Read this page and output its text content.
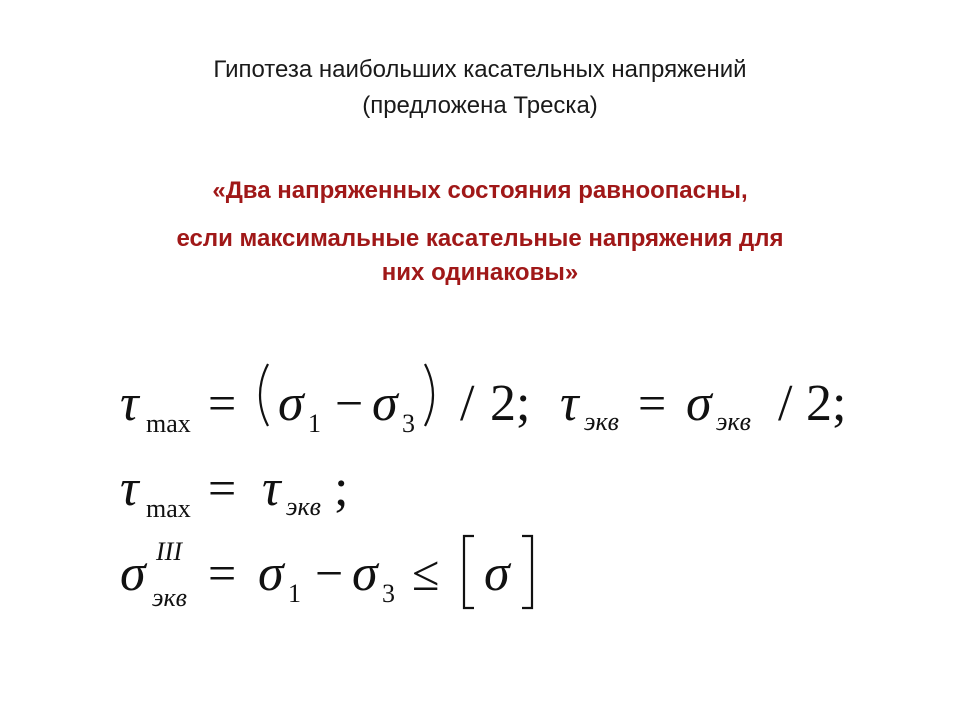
Гипотеза наибольших касательных напряжений
(предложена Треска)
«Два напряженных состояния равноопасны,
если максимальные касательные напряжения для
них одинаковы»
τ max = σ 1 − σ 3 / 2; τ экв = σ экв / 2;
τ max = τ экв ;
σ III
экв = σ 1 − σ 3 ≤ σ
